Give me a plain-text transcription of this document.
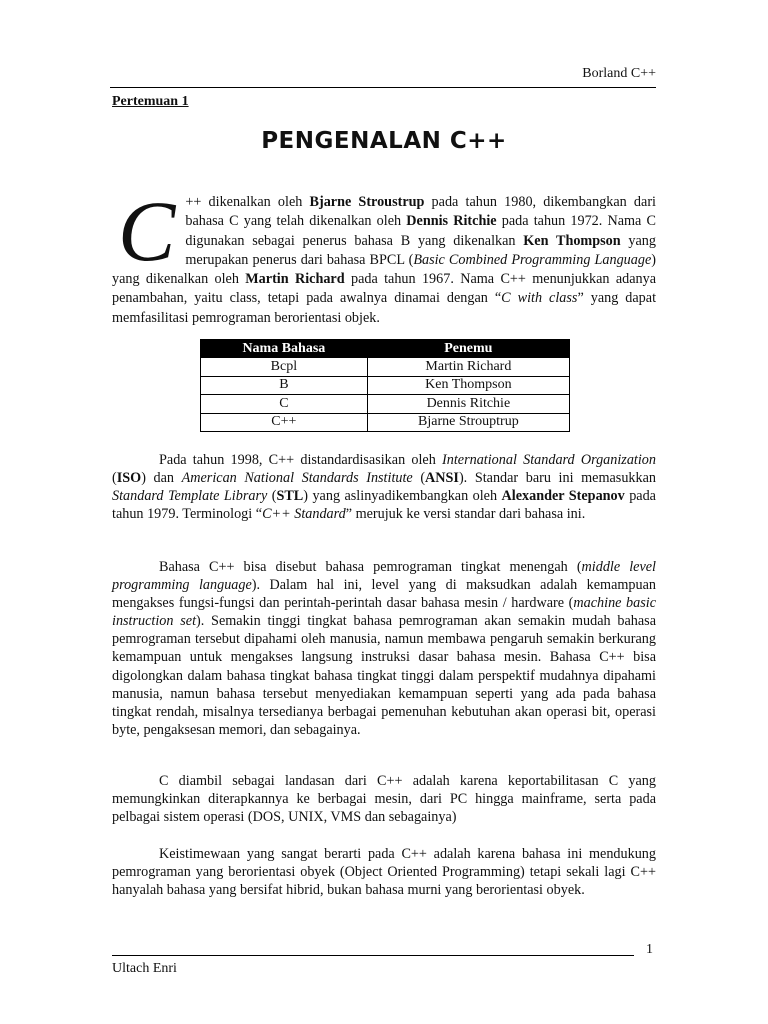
Borland C++
Pertemuan 1
PENGENALAN C++
C ++ dikenalkan oleh Bjarne Stroustrup pada tahun 1980, dikembangkan dari bahasa C yang telah dikenalkan oleh Dennis Ritchie pada tahun 1972. Nama C digunakan sebagai penerus bahasa B yang dikenalkan Ken Thompson yang merupakan penerus dari bahasa BPCL (Basic Combined Programming Language) yang dikenalkan oleh Martin Richard pada tahun 1967. Nama C++ menunjukkan adanya penambahan, yaitu class, tetapi pada awalnya dinamai dengan “C with class” yang dapat memfasilitasi pemrograman berorientasi objek.

Nama Bahasa	Penemu
Bcpl	Martin Richard
B	Ken Thompson
C	Dennis Ritchie
C++	Bjarne Strouptrup

Pada tahun 1998, C++ distandardisasikan oleh International Standard Organization (ISO) dan American National Standards Institute (ANSI). Standar baru ini memasukkan Standard Template Library (STL) yang aslinyadikembangkan oleh Alexander Stepanov pada tahun 1979. Terminologi “C++ Standard” merujuk ke versi standar dari bahasa ini.

Bahasa C++ bisa disebut bahasa pemrograman tingkat menengah (middle level programming language). Dalam hal ini, level yang di maksudkan adalah kemampuan mengakses fungsi-fungsi dan perintah-perintah dasar bahasa mesin / hardware (machine basic instruction set). Semakin tinggi tingkat bahasa pemrograman akan semakin mudah bahasa pemrograman tersebut dipahami oleh manusia, namun membawa pengaruh semakin berkurang kemampuan untuk mengakses langsung instruksi dasar bahasa mesin. Bahasa C++ bisa digolongkan dalam bahasa tingkat bahasa tingkat tinggi dalam perspektif mudahnya dipahami manusia, namun bahasa tersebut menyediakan kemampuan seperti yang ada pada bahasa tingkat rendah, misalnya tersedianya berbagai pemenuhan kebutuhan akan operasi bit, operasi byte, pengaksesan memori, dan sebagainya.

C diambil sebagai landasan dari C++ adalah karena keportabilitasan C yang memungkinkan diterapkannya ke berbagai mesin, dari PC hingga mainframe, serta pada pelbagai sistem operasi (DOS, UNIX, VMS dan sebagainya)

Keistimewaan yang sangat berarti pada C++ adalah karena bahasa ini mendukung pemrograman yang berorientasi obyek (Object Oriented Programming) tetapi sekali lagi C++ hanyalah bahasa yang bersifat hibrid, bukan bahasa murni yang berorientasi obyek.

1
Ultach Enri
